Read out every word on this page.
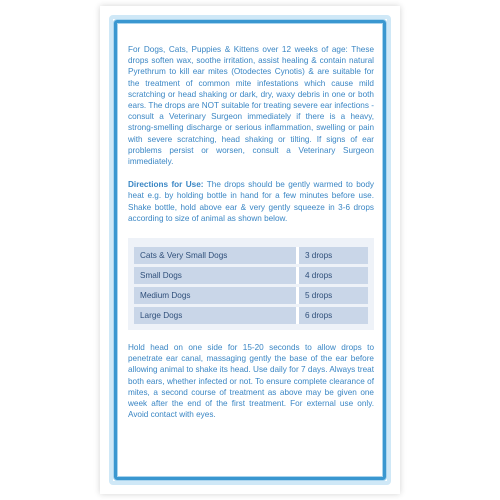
For Dogs, Cats, Puppies & Kittens over 12 weeks of age: These drops soften wax, soothe irritation, assist healing & contain natural Pyrethrum to kill ear mites (Otodectes Cynotis) & are suitable for the treatment of common mite infestations which cause mild scratching or head shaking or dark, dry, waxy debris in one or both ears. The drops are NOT suitable for treating severe ear infections - consult a Veterinary Surgeon immediately if there is a heavy, strong-smelling discharge or serious inflammation, swelling or pain with severe scratching, head shaking or tilting. If signs of ear problems persist or worsen, consult a Veterinary Surgeon immediately.

Directions for Use: The drops should be gently warmed to body heat e.g. by holding bottle in hand for a few minutes before use. Shake bottle, hold above ear & very gently squeeze in 3-6 drops according to size of animal as shown below.

Cats & Very Small Dogs		3 drops
Small Dogs		4 drops
Medium Dogs		5 drops
Large Dogs		6 drops

Hold head on one side for 15-20 seconds to allow drops to penetrate ear canal, massaging gently the base of the ear before allowing animal to shake its head. Use daily for 7 days. Always treat both ears, whether infected or not. To ensure complete clearance of mites, a second course of treatment as above may be given one week after the end of the first treatment. For external use only. Avoid contact with eyes.
